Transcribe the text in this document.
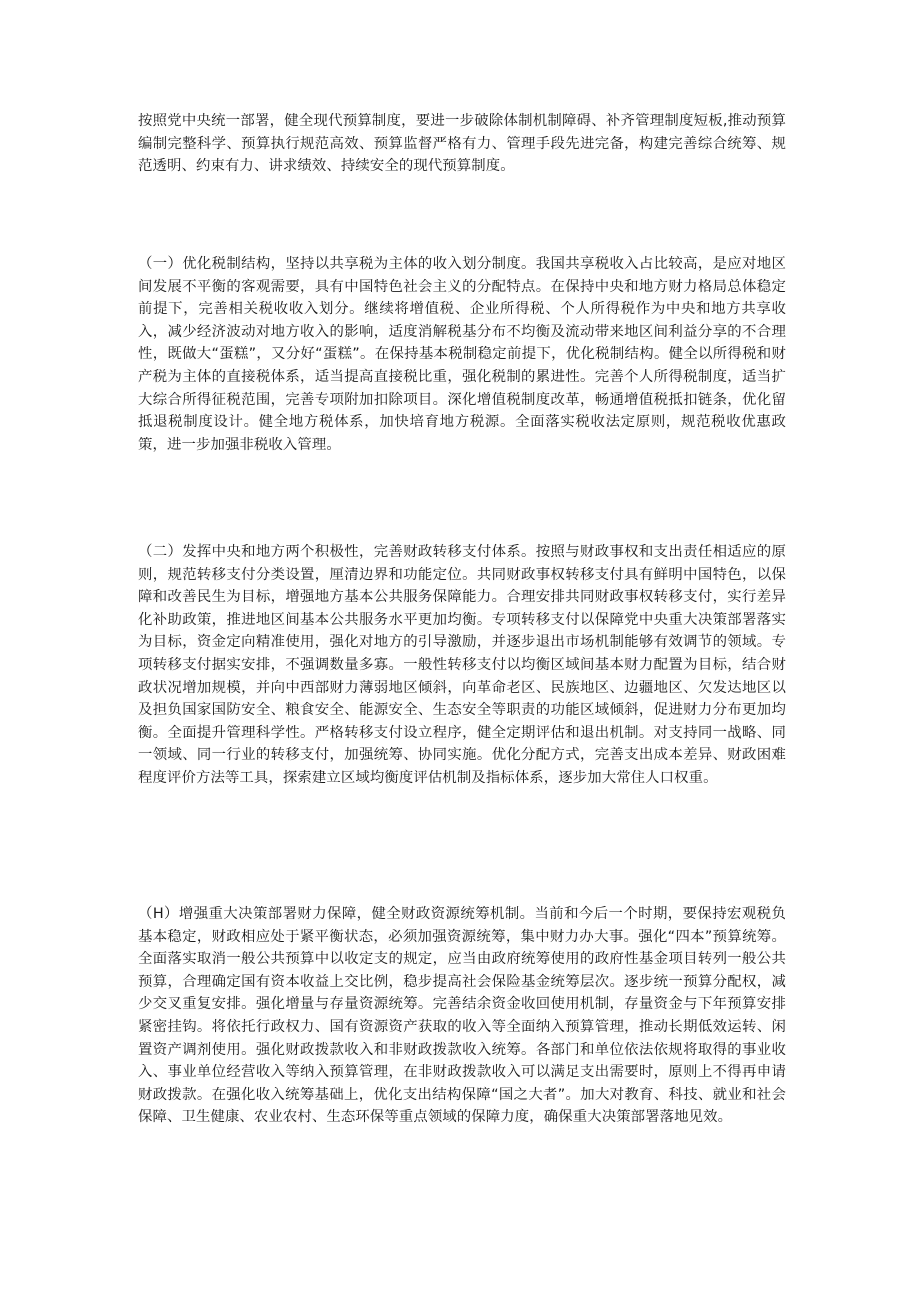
按照党中央统一部署，健全现代预算制度，要进一步破除体制机制障碍、补齐管理制度短板,推动预算编制完整科学、预算执行规范高效、预算监督严格有力、管理手段先进完备，构建完善综合统筹、规范透明、约束有力、讲求绩效、持续安全的现代预算制度。

（一）优化税制结构，坚持以共享税为主体的收入划分制度。我国共享税收入占比较高，是应对地区间发展不平衡的客观需要，具有中国特色社会主义的分配特点。在保持中央和地方财力格局总体稳定前提下，完善相关税收收入划分。继续将增值税、企业所得税、个人所得税作为中央和地方共享收入，减少经济波动对地方收入的影响，适度消解税基分布不均衡及流动带来地区间利益分享的不合理性，既做大“蛋糕”，又分好“蛋糕”。在保持基本税制稳定前提下，优化税制结构。健全以所得税和财产税为主体的直接税体系，适当提高直接税比重，强化税制的累进性。完善个人所得税制度，适当扩大综合所得征税范围，完善专项附加扣除项目。深化增值税制度改革，畅通增值税抵扣链条，优化留抵退税制度设计。健全地方税体系，加快培育地方税源。全面落实税收法定原则，规范税收优惠政策，进一步加强非税收入管理。

（二）发挥中央和地方两个积极性，完善财政转移支付体系。按照与财政事权和支出责任相适应的原则，规范转移支付分类设置，厘清边界和功能定位。共同财政事权转移支付具有鲜明中国特色，以保障和改善民生为目标，增强地方基本公共服务保障能力。合理安排共同财政事权转移支付，实行差异化补助政策，推进地区间基本公共服务水平更加均衡。专项转移支付以保障党中央重大决策部署落实为目标，资金定向精准使用，强化对地方的引导激励，并逐步退出市场机制能够有效调节的领域。专项转移支付据实安排，不强调数量多寡。一般性转移支付以均衡区域间基本财力配置为目标，结合财政状况增加规模，并向中西部财力薄弱地区倾斜，向革命老区、民族地区、边疆地区、欠发达地区以及担负国家国防安全、粮食安全、能源安全、生态安全等职责的功能区域倾斜，促进财力分布更加均衡。全面提升管理科学性。严格转移支付设立程序，健全定期评估和退出机制。对支持同一战略、同一领域、同一行业的转移支付，加强统筹、协同实施。优化分配方式，完善支出成本差异、财政困难程度评价方法等工具，探索建立区域均衡度评估机制及指标体系，逐步加大常住人口权重。

（H）增强重大决策部署财力保障，健全财政资源统筹机制。当前和今后一个时期，要保持宏观税负基本稳定，财政相应处于紧平衡状态，必须加强资源统筹，集中财力办大事。强化“四本”预算统筹。全面落实取消一般公共预算中以收定支的规定，应当由政府统筹使用的政府性基金项目转列一般公共预算，合理确定国有资本收益上交比例，稳步提高社会保险基金统筹层次。逐步统一预算分配权，减少交叉重复安排。强化增量与存量资源统筹。完善结余资金收回使用机制，存量资金与下年预算安排紧密挂钩。将依托行政权力、国有资源资产获取的收入等全面纳入预算管理，推动长期低效运转、闲置资产调剂使用。强化财政拨款收入和非财政拨款收入统筹。各部门和单位依法依规将取得的事业收入、事业单位经营收入等纳入预算管理，在非财政拨款收入可以满足支出需要时，原则上不得再申请财政拨款。在强化收入统筹基础上，优化支出结构保障“国之大者”。加大对教育、科技、就业和社会保障、卫生健康、农业农村、生态环保等重点领域的保障力度，确保重大决策部署落地见效。
